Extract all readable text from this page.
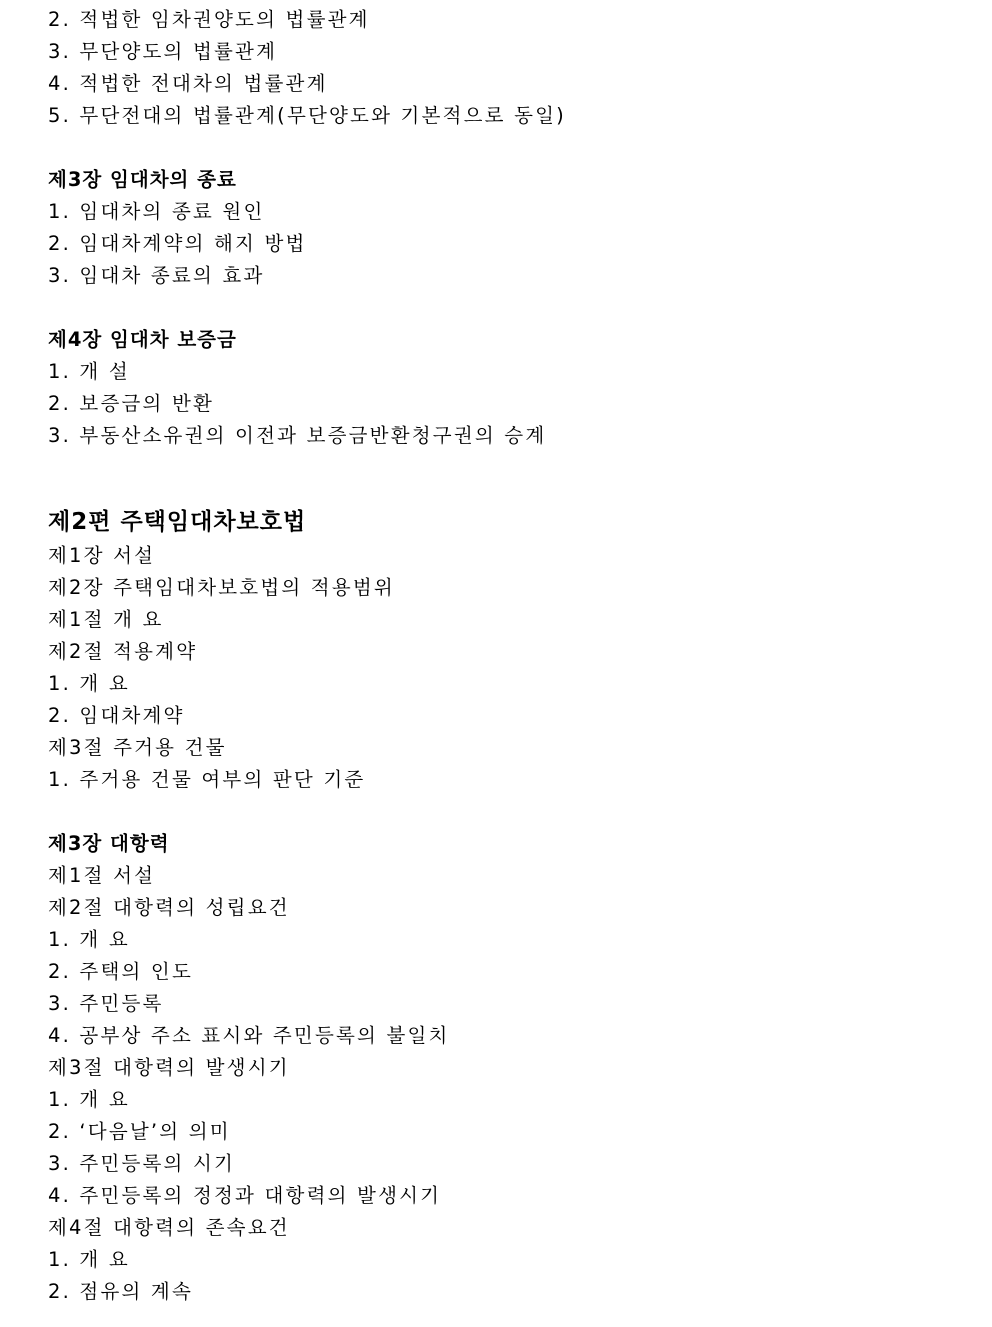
2. 적법한 임차권양도의 법률관계
3. 무단양도의 법률관계
4. 적법한 전대차의 법률관계
5. 무단전대의 법률관계(무단양도와 기본적으로 동일)
제3장 임대차의 종료
1. 임대차의 종료 원인
2. 임대차계약의 해지 방법
3. 임대차 종료의 효과
제4장 임대차 보증금
1. 개 설
2. 보증금의 반환
3. 부동산소유권의 이전과 보증금반환청구권의 승계
제2편 주택임대차보호법
제1장 서설
제2장 주택임대차보호법의 적용범위
제1절 개 요
제2절 적용계약
1. 개 요
2. 임대차계약
제3절 주거용 건물
1. 주거용 건물 여부의 판단 기준
제3장 대항력
제1절 서설
제2절 대항력의 성립요건
1. 개 요
2. 주택의 인도
3. 주민등록
4. 공부상 주소 표시와 주민등록의 불일치
제3절 대항력의 발생시기
1. 개 요
2. ‘다음날’의 의미
3. 주민등록의 시기
4. 주민등록의 정정과 대항력의 발생시기
제4절 대항력의 존속요건
1. 개 요
2. 점유의 계속
